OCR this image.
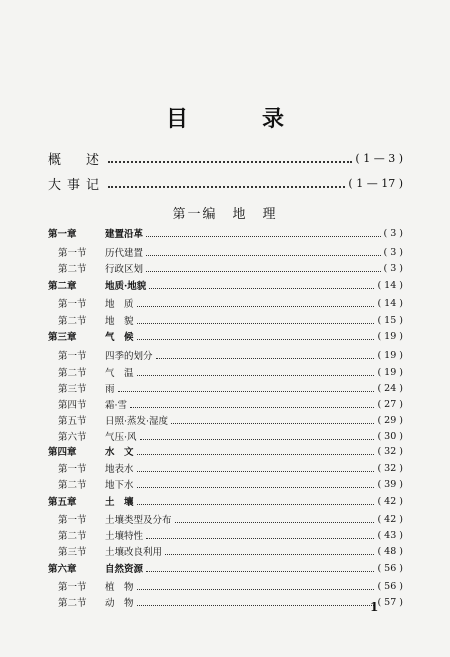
目　录
概　述	( 1 — 3 )
大事记	( 1 — 17 )
第一编　地　理
第一章	建置沿革	( 3 )
第一节	历代建置	( 3 )
第二节	行政区划	( 3 )
第二章	地质·地貌	( 14 )
第一节	地　质	( 14 )
第二节	地　貌	( 15 )
第三章	气　候	( 19 )
第一节	四季的划分	( 19 )
第二节	气　温	( 19 )
第三节	雨	( 24 )
第四节	霜·雪	( 27 )
第五节	日照·蒸发·湿度	( 29 )
第六节	气压·风	( 30 )
第四章	水　文	( 32 )
第一节	地表水	( 32 )
第二节	地下水	( 39 )
第五章	土　壤	( 42 )
第一节	土壤类型及分布	( 42 )
第二节	土壤特性	( 43 )
第三节	土壤改良利用	( 48 )
第六章	自然资源	( 56 )
第一节	植　物	( 56 )
第二节	动　物	( 57 )
1
